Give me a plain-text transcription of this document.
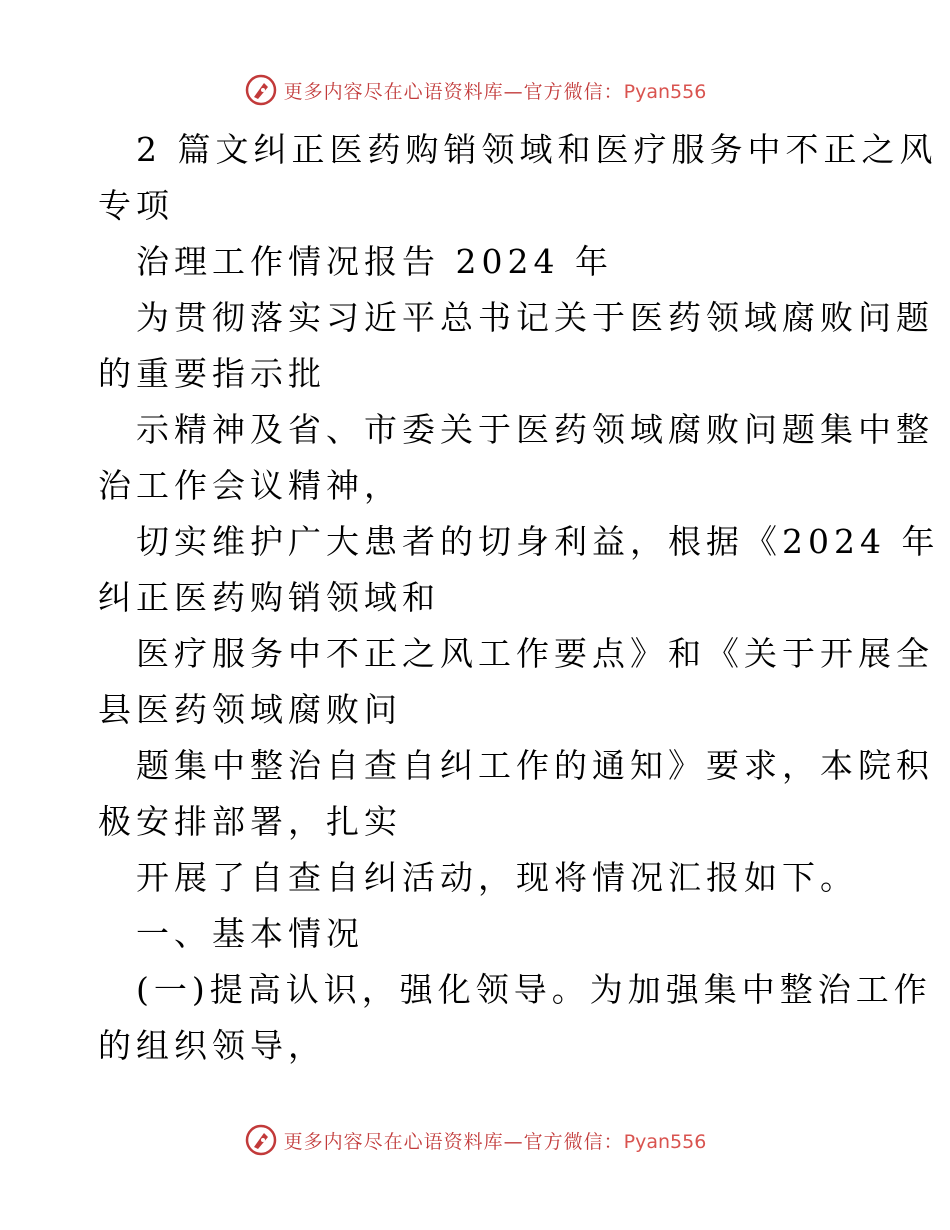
更多内容尽在心语资料库—官方微信：Pyan556
2 篇文纠正医药购销领域和医疗服务中不正之风
专项
治理工作情况报告 2024 年
为贯彻落实习近平总书记关于医药领域腐败问题
的重要指示批
示精神及省、市委关于医药领域腐败问题集中整
治工作会议精神，
切实维护广大患者的切身利益，根据《2024 年
纠正医药购销领域和
医疗服务中不正之风工作要点》和《关于开展全
县医药领域腐败问
题集中整治自查自纠工作的通知》要求，本院积
极安排部署，扎实
开展了自查自纠活动，现将情况汇报如下。
一、基本情况
(一)提高认识，强化领导。为加强集中整治工作
的组织领导，
更多内容尽在心语资料库—官方微信：Pyan556
